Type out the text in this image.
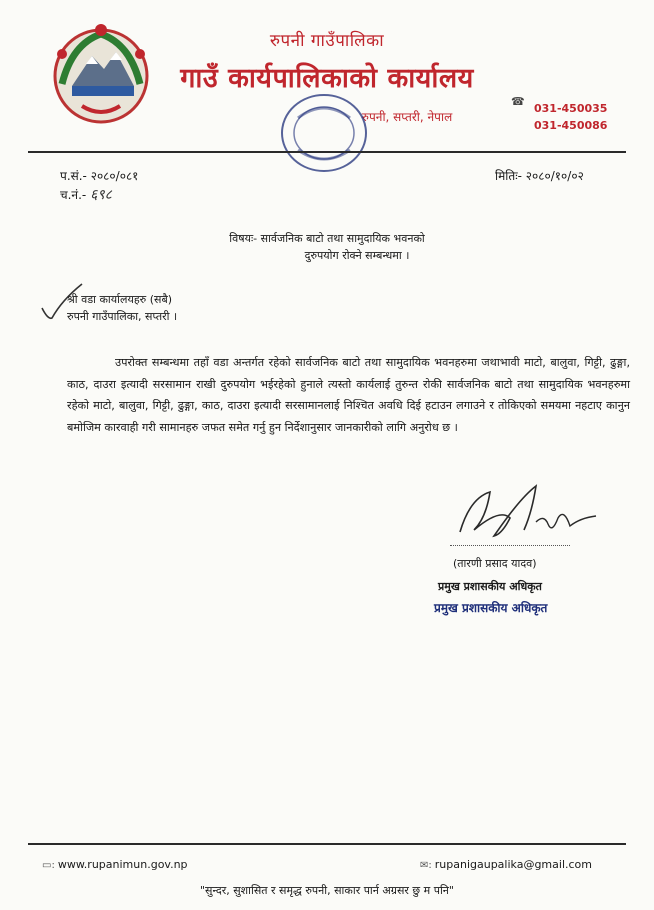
रुपनी गाउँपालिका
गाउँ कार्यपालिकाको कार्यालय
रुपनी, सप्तरी, नेपाल
☎
031-450035
031-450086
प.सं.- २०८०/०८१
च.नं.- ६९८
मितिः- २०८०/१०/०२
विषयः- सार्वजनिक बाटो तथा सामुदायिक भवनको
दुरुपयोग रोक्ने सम्बन्धमा ।
श्री वडा कार्यालयहरु (सबै)
रुपनी गाउँपालिका, सप्तरी ।

उपरोक्त सम्बन्धमा तहाँ वडा अन्तर्गत रहेको सार्वजनिक बाटो तथा सामुदायिक भवनहरुमा जथाभावी माटो, बालुवा, गिट्टी, ढुङ्गा, काठ, दाउरा इत्यादी सरसामान राखी दुरुपयोग भईरहेको हुनाले त्यस्तो कार्यलाई तुरुन्त रोकी सार्वजनिक बाटो तथा सामुदायिक भवनहरुमा रहेको माटो, बालुवा, गिट्टी, ढुङ्गा, काठ, दाउरा इत्यादी सरसामानलाई निश्चित अवधि दिई हटाउन लगाउने र तोकिएको समयमा नहटाए कानुन बमोजिम कारवाही गरी सामानहरु जफत समेत गर्नु हुन निर्देशानुसार जानकारीको लागि अनुरोध छ ।

(तारणी प्रसाद यादव)
प्रमुख प्रशासकीय अधिकृत
प्रमुख प्रशासकीय अधिकृत
▭: www.rupanimun.gov.np	✉: rupanigaupalika@gmail.com
"सुन्दर, सुशासित र समृद्ध रुपनी, साकार पार्न अग्रसर छु म पनि"
